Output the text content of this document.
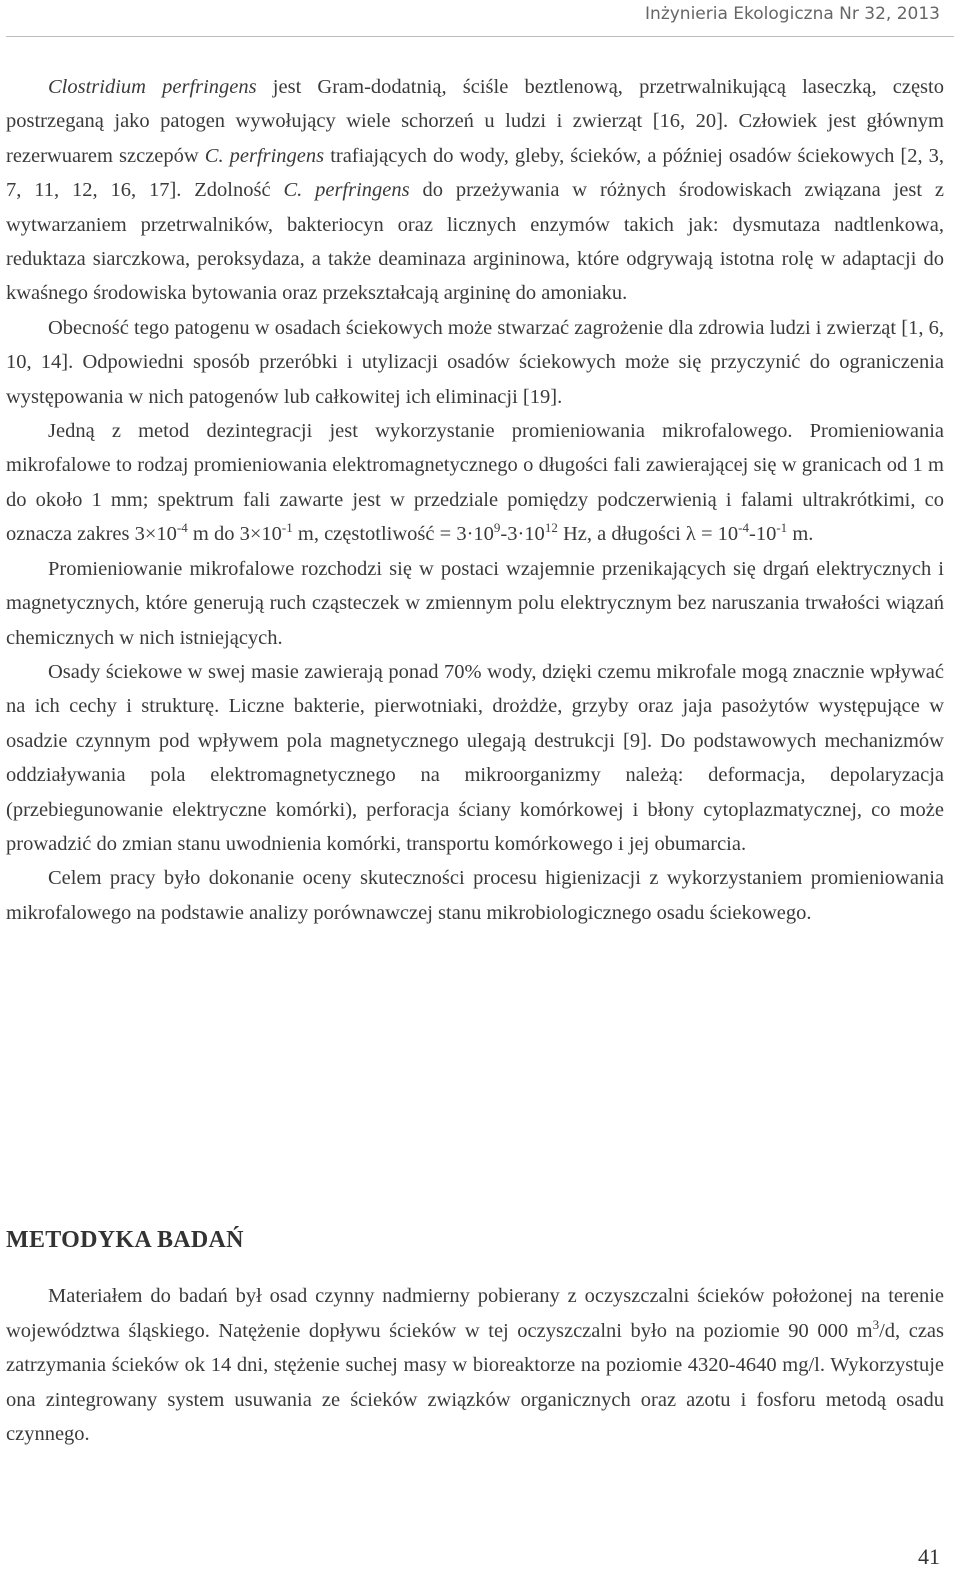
Inżynieria Ekologiczna Nr 32, 2013

Clostridium perfringens jest Gram-dodatnią, ściśle beztlenową, przetrwalnikującą laseczką, często postrzeganą jako patogen wywołujący wiele schorzeń u ludzi i zwierząt [16, 20]. Człowiek jest głównym rezerwuarem szczepów C. perfringens trafiających do wody, gleby, ścieków, a później osadów ściekowych [2, 3, 7, 11, 12, 16, 17]. Zdolność C. perfringens do przeżywania w różnych środowiskach związana jest z wytwarzaniem przetrwalników, bakteriocyn oraz licznych enzymów takich jak: dysmutaza nadtlenkowa, reduktaza siarczkowa, peroksydaza, a także deaminaza argininowa, które odgrywają istotna rolę w adaptacji do kwaśnego środowiska bytowania oraz przekształcają argininę do amoniaku.

Obecność tego patogenu w osadach ściekowych może stwarzać zagrożenie dla zdrowia ludzi i zwierząt [1, 6, 10, 14]. Odpowiedni sposób przeróbki i utylizacji osadów ściekowych może się przyczynić do ograniczenia występowania w nich patogenów lub całkowitej ich eliminacji [19].

Jedną z metod dezintegracji jest wykorzystanie promieniowania mikrofalowego. Promieniowania mikrofalowe to rodzaj promieniowania elektromagnetycznego o długości fali zawierającej się w granicach od 1 m do około 1 mm; spektrum fali zawarte jest w przedziale pomiędzy podczerwienią i falami ultrakrótkimi, co oznacza zakres $3\times 10^{-4}$ m do $3\times 10^{-1}$ m, częstotliwość = $3\cdot 10^9-3\cdot 10^{12}$ Hz, a długości $\lambda = 10^{-4}-10^{-1}$ m.

Promieniowanie mikrofalowe rozchodzi się w postaci wzajemnie przenikających się drgań elektrycznych i magnetycznych, które generują ruch cząsteczek w zmiennym polu elektrycznym bez naruszania trwałości wiązań chemicznych w nich istniejących.

Osady ściekowe w swej masie zawierają ponad 70% wody, dzięki czemu mikrofale mogą znacznie wpływać na ich cechy i strukturę. Liczne bakterie, pierwotniaki, drożdże, grzyby oraz jaja pasożytów występujące w osadzie czynnym pod wpływem pola magnetycznego ulegają destrukcji [9]. Do podstawowych mechanizmów oddziaływania pola elektromagnetycznego na mikroorganizmy należą: deformacja, depolaryzacja (przebiegunowanie elektryczne komórki), perforacja ściany komórkowej i błony cytoplazmatycznej, co może prowadzić do zmian stanu uwodnienia komórki, transportu komórkowego i jej obumarcia.

Celem pracy było dokonanie oceny skuteczności procesu higienizacji z wykorzystaniem promieniowania mikrofalowego na podstawie analizy porównawczej stanu mikrobiologicznego osadu ściekowego.

METODYKA BADAŃ

Materiałem do badań był osad czynny nadmierny pobierany z oczyszczalni ścieków położonej na terenie województwa śląskiego. Natężenie dopływu ścieków w tej oczyszczalni było na poziomie 90 000 $m^3/d$, czas zatrzymania ścieków ok 14 dni, stężenie suchej masy w bioreaktorze na poziomie 4320-4640 mg/l. Wykorzystuje ona zintegrowany system usuwania ze ścieków związków organicznych oraz azotu i fosforu metodą osadu czynnego.

41
